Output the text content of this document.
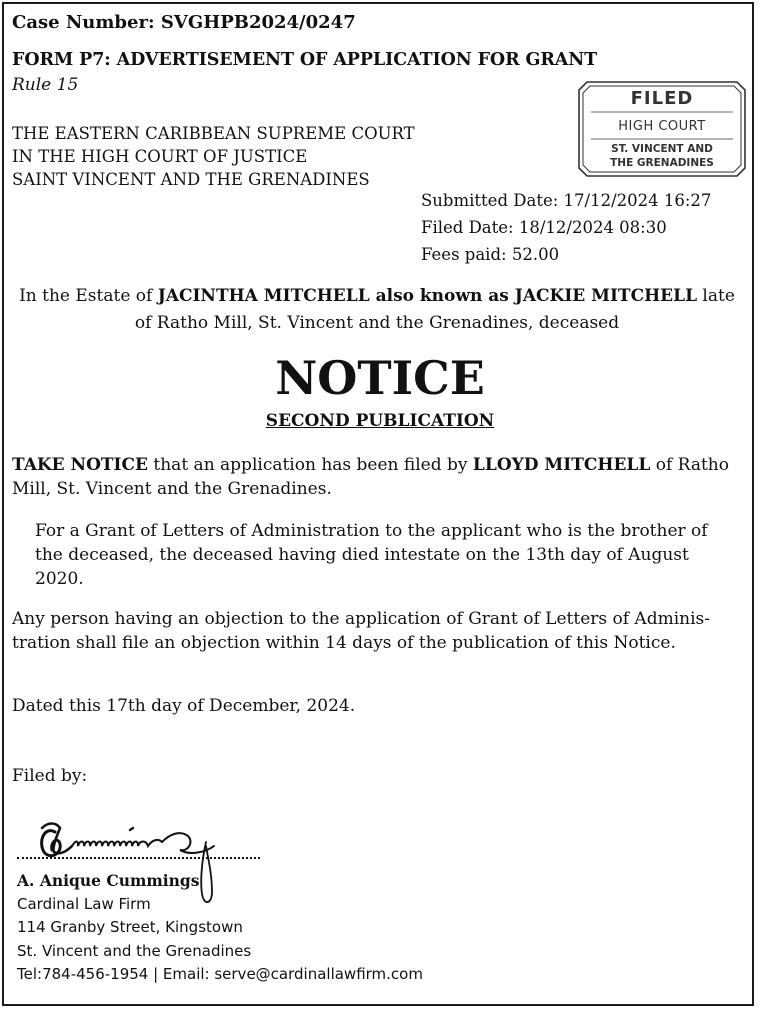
Case Number: SVGHPB2024/0247

FORM P7: ADVERTISEMENT OF APPLICATION FOR GRANT

Rule 15

THE EASTERN CARIBBEAN SUPREME COURT
IN THE HIGH COURT OF JUSTICE
SAINT VINCENT AND THE GRENADINES
FILED
HIGH COURT
ST. VINCENT AND
THE GRENADINES
Submitted Date: 17/12/2024 16:27
Filed Date: 18/12/2024 08:30
Fees paid: 52.00

In the Estate of JACINTHA MITCHELL also known as JACKIE MITCHELL late of Ratho Mill, St. Vincent and the Grenadines, deceased

NOTICE

SECOND PUBLICATION

TAKE NOTICE that an application has been filed by LLOYD MITCHELL of Ratho Mill, St. Vincent and the Grenadines.

For a Grant of Letters of Administration to the applicant who is the brother of the deceased, the deceased having died intestate on the 13th day of August 2020.

Any person having an objection to the application of Grant of Letters of Adminis-tration shall file an objection within 14 days of the publication of this Notice.

Dated this 17th day of December, 2024.

Filed by:

A. Anique Cummings
Cardinal Law Firm
114 Granby Street, Kingstown
St. Vincent and the Grenadines
Tel:784-456-1954 | Email: serve@cardinallawfirm.com
